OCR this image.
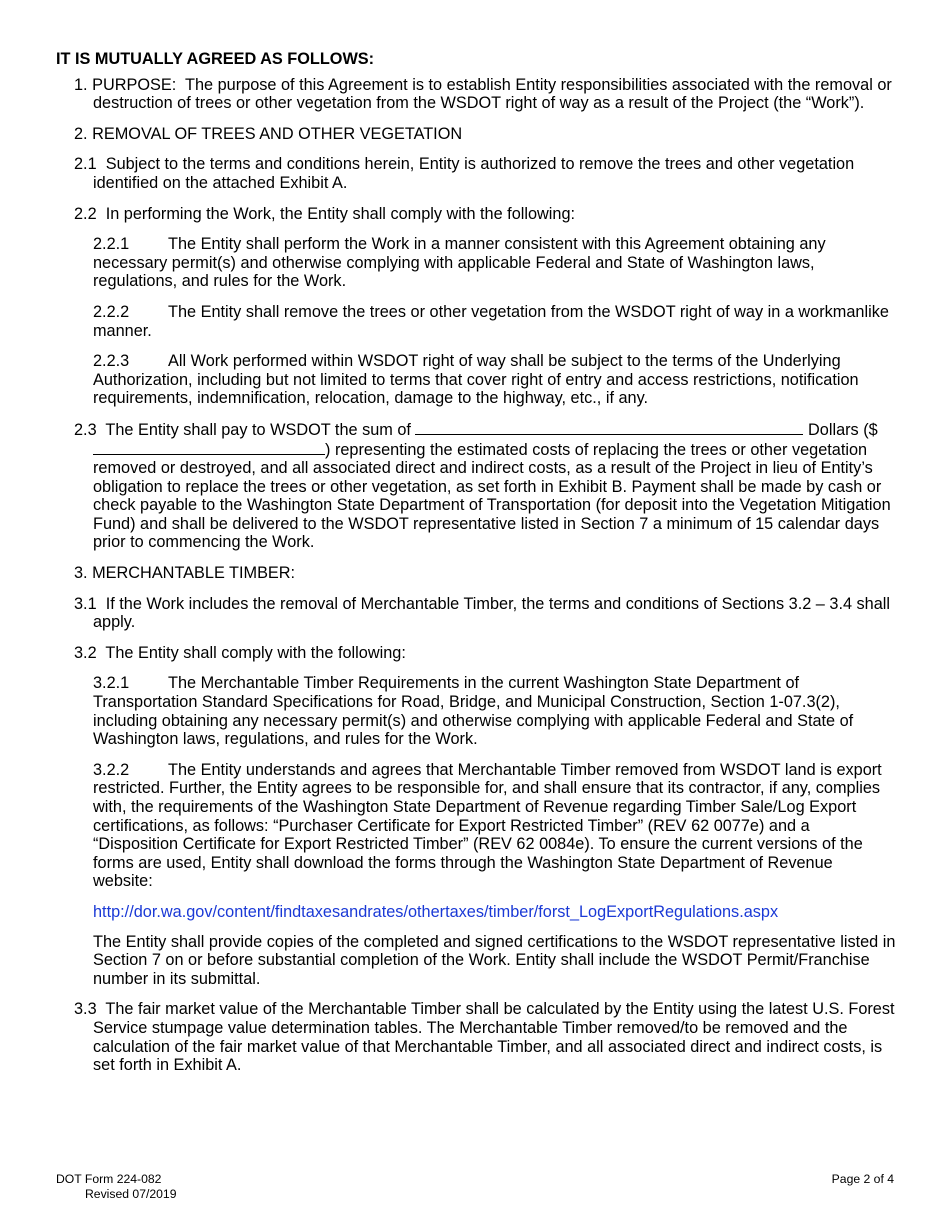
IT IS MUTUALLY AGREED AS FOLLOWS:

1. PURPOSE: The purpose of this Agreement is to establish Entity responsibilities associated with the removal or destruction of trees or other vegetation from the WSDOT right of way as a result of the Project (the “Work”).

2. REMOVAL OF TREES AND OTHER VEGETATION

2.1 Subject to the terms and conditions herein, Entity is authorized to remove the trees and other vegetation identified on the attached Exhibit A.

2.2 In performing the Work, the Entity shall comply with the following:

2.2.1 The Entity shall perform the Work in a manner consistent with this Agreement obtaining any necessary permit(s) and otherwise complying with applicable Federal and State of Washington laws, regulations, and rules for the Work.

2.2.2 The Entity shall remove the trees or other vegetation from the WSDOT right of way in a workmanlike manner.

2.2.3 All Work performed within WSDOT right of way shall be subject to the terms of the Underlying Authorization, including but not limited to terms that cover right of entry and access restrictions, notification requirements, indemnification, relocation, damage to the highway, etc., if any.

2.3 The Entity shall pay to WSDOT the sum of	Dollars ($) representing the estimated costs of replacing the trees or other vegetation removed or destroyed, and all associated direct and indirect costs, as a result of the Project in lieu of Entity’s obligation to replace the trees or other vegetation, as set forth in Exhibit B. Payment shall be made by cash or check payable to the Washington State Department of Transportation (for deposit into the Vegetation Mitigation Fund) and shall be delivered to the WSDOT representative listed in Section 7 a minimum of 15 calendar days prior to commencing the Work.

3. MERCHANTABLE TIMBER:

3.1 If the Work includes the removal of Merchantable Timber, the terms and conditions of Sections 3.2 – 3.4 shall apply.

3.2 The Entity shall comply with the following:

3.2.1 The Merchantable Timber Requirements in the current Washington State Department of Transportation Standard Specifications for Road, Bridge, and Municipal Construction, Section 1-07.3(2), including obtaining any necessary permit(s) and otherwise complying with applicable Federal and State of Washington laws, regulations, and rules for the Work.

3.2.2 The Entity understands and agrees that Merchantable Timber removed from WSDOT land is export restricted. Further, the Entity agrees to be responsible for, and shall ensure that its contractor, if any, complies with, the requirements of the Washington State Department of Revenue regarding Timber Sale/Log Export certifications, as follows: “Purchaser Certificate for Export Restricted Timber” (REV 62 0077e) and a “Disposition Certificate for Export Restricted Timber” (REV 62 0084e). To ensure the current versions of the forms are used, Entity shall download the forms through the Washington State Department of Revenue website:

http://dor.wa.gov/content/findtaxesandrates/othertaxes/timber/forst_LogExportRegulations.aspx

The Entity shall provide copies of the completed and signed certifications to the WSDOT representative listed in Section 7 on or before substantial completion of the Work. Entity shall include the WSDOT Permit/Franchise number in its submittal.

3.3 The fair market value of the Merchantable Timber shall be calculated by the Entity using the latest U.S. Forest Service stumpage value determination tables. The Merchantable Timber removed/to be removed and the calculation of the fair market value of that Merchantable Timber, and all associated direct and indirect costs, is set forth in Exhibit A.

DOT Form 224-082
Revised 07/2019
Page 2 of 4
